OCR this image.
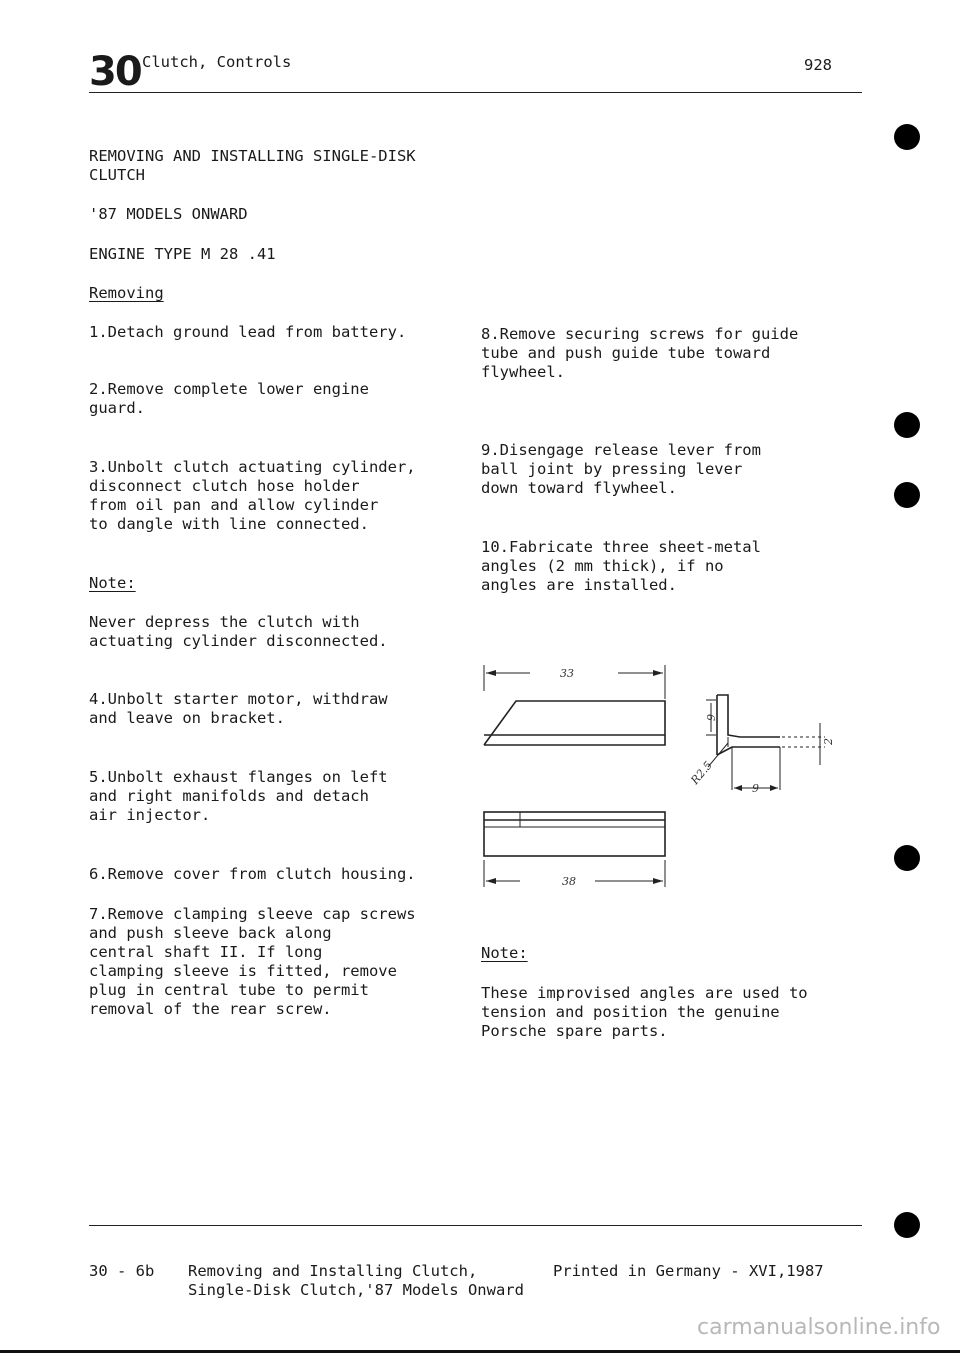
30 Clutch, Controls	928
REMOVING AND INSTALLING SINGLE-DISK
CLUTCH
'87 MODELS ONWARD
ENGINE TYPE M 28 .41
Removing
1.Detach ground lead from battery.
2.Remove complete lower engine
guard.
3.Unbolt clutch actuating cylinder,
disconnect clutch hose holder
from oil pan and allow cylinder
to dangle with line connected.
Note:
Never depress the clutch with
actuating cylinder disconnected.
4.Unbolt starter motor, withdraw
and leave on bracket.
5.Unbolt exhaust flanges on left
and right manifolds and detach
air injector.
6.Remove cover from clutch housing.
7.Remove clamping sleeve cap screws
and push sleeve back along
central shaft II. If long
clamping sleeve is fitted, remove
plug in central tube to permit
removal of the rear screw.
8.Remove securing screws for guide
tube and push guide tube toward
flywheel.
9.Disengage release lever from
ball joint by pressing lever
down toward flywheel.
10.Fabricate three sheet-metal
angles (2 mm thick), if no
angles are installed.
33
38
9
9
2
R2.5
Note:
These improvised angles are used to
tension and position the genuine
Porsche spare parts.
30 - 6b Removing and Installing Clutch,
Single-Disk Clutch,'87 Models Onward
Printed in Germany - XVI,1987
carmanualsonline.info
